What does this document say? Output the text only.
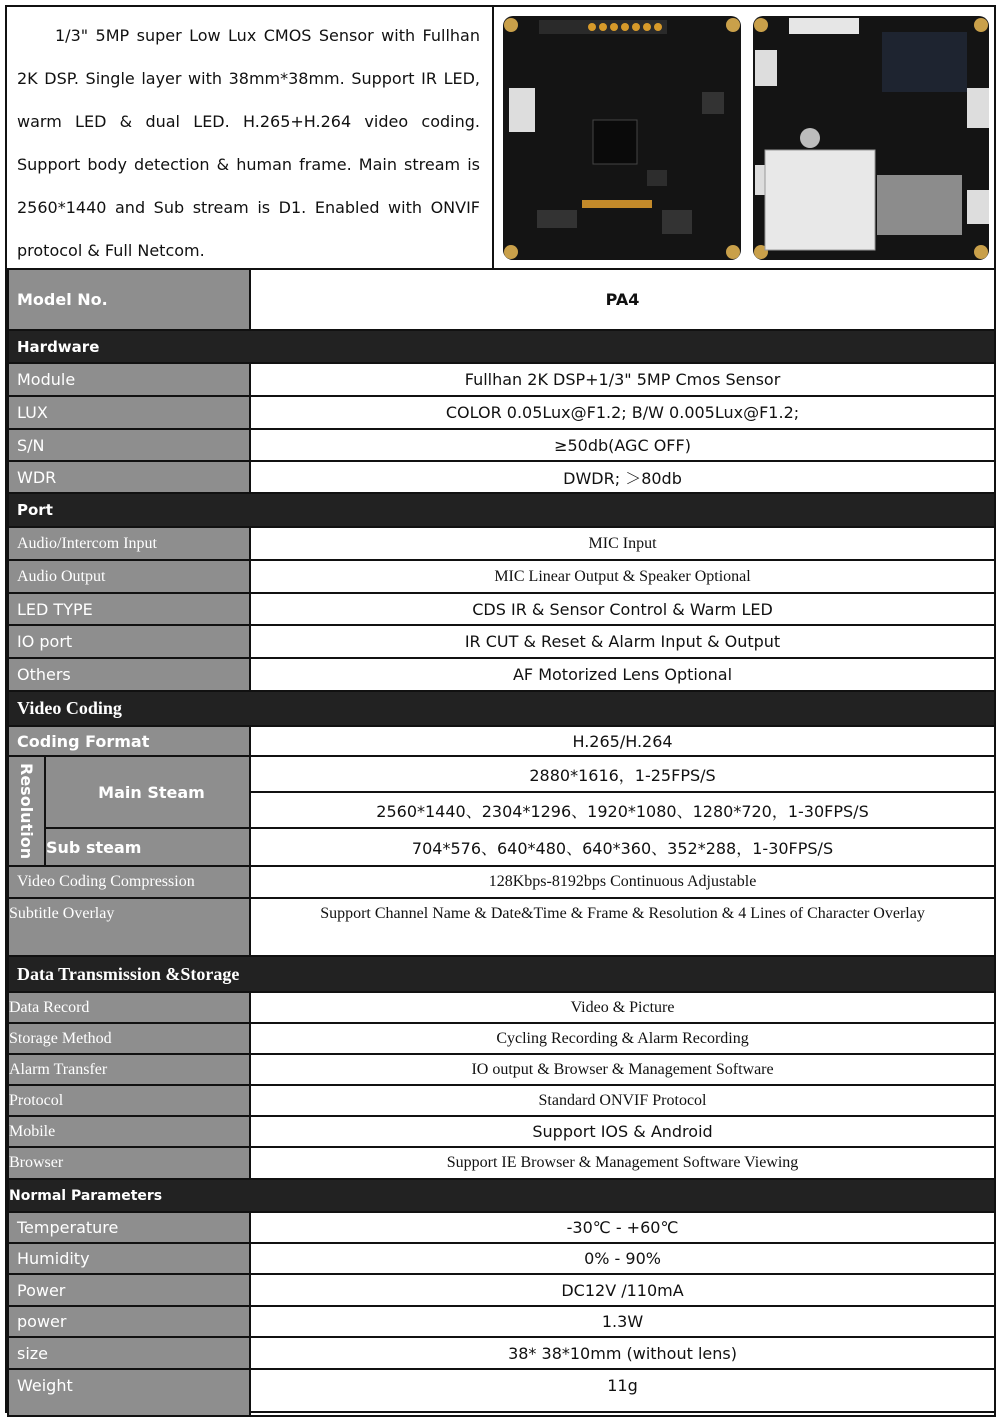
1/3" 5MP super Low Lux CMOS Sensor with Fullhan 2K DSP. Single layer with 38mm*38mm. Support IR LED, warm LED & dual LED. H.265+H.264 video coding. Support body detection & human frame. Main stream is 2560*1440 and Sub stream is D1. Enabled with ONVIF protocol & Full Netcom.

Model No.		PA4
Hardware		
Module		Fullhan 2K DSP+1/3" 5MP Cmos Sensor
LUX		COLOR 0.05Lux@F1.2; B/W 0.005Lux@F1.2;
S/N		≥50db(AGC OFF)
WDR		DWDR; ＞80db
Port		
Audio/Intercom Input		MIC Input
Audio Output		MIC Linear Output & Speaker Optional
LED TYPE		CDS IR & Sensor Control & Warm LED
IO port		IR CUT & Reset & Alarm Input & Output
Others		AF Motorized Lens Optional
Video Coding		
Coding Format		H.265/H.264
Resolution	Main Steam	2880*1616，1-25FPS/S
		2560*1440、2304*1296、1920*1080、1280*720，1-30FPS/S
	Sub steam	704*576、640*480、640*360、352*288，1-30FPS/S
Video Coding Compression		128Kbps-8192bps Continuous Adjustable
Subtitle Overlay		Support Channel Name & Date&Time & Frame & Resolution & 4 Lines of Character Overlay
Data Transmission &Storage		
Data Record		Video & Picture
Storage Method		Cycling Recording & Alarm Recording
Alarm Transfer		IO output & Browser & Management Software
Protocol		Standard ONVIF Protocol
Mobile		Support IOS & Android
Browser		Support IE Browser & Management Software Viewing
Normal Parameters		
Temperature		-30℃ - +60℃
Humidity		0% - 90%
Power		DC12V /110mA
power		1.3W
size		38* 38*10mm (without lens)
Weight		11g
